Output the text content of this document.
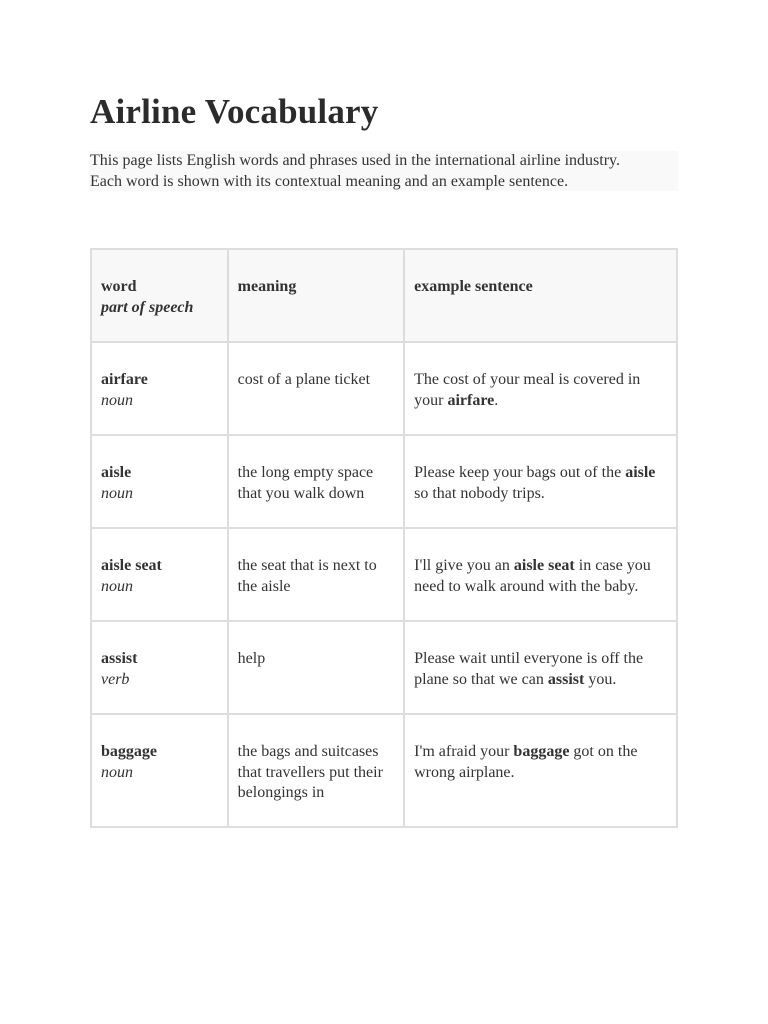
Airline Vocabulary
This page lists English words and phrases used in the international airline industry.
Each word is shown with its contextual meaning and an example sentence.
word
part of speech	meaning	example sentence

airfare
noun	cost of a plane ticket	The cost of your meal is covered in your airfare.

aisle
noun	the long empty space that you walk down	Please keep your bags out of the aisle so that nobody trips.

aisle seat
noun	the seat that is next to the aisle	I'll give you an aisle seat in case you need to walk around with the baby.

assist
verb	help	Please wait until everyone is off the plane so that we can assist you.

baggage
noun	the bags and suitcases that travellers put their belongings in	I'm afraid your baggage got on the wrong airplane.
